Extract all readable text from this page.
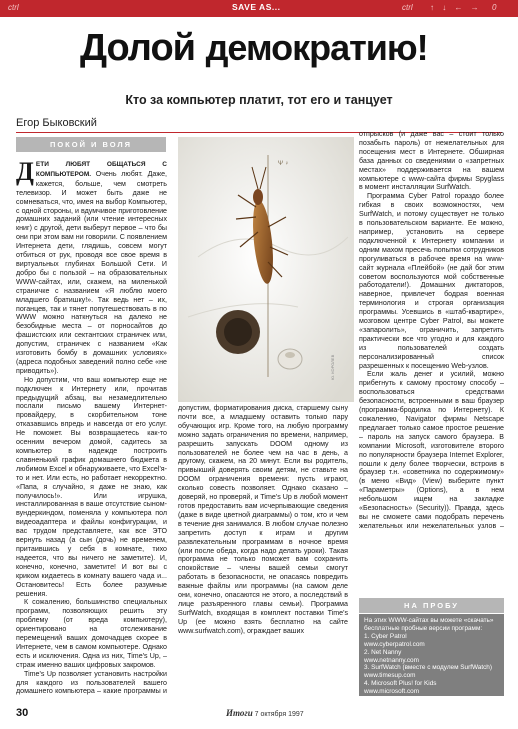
ctrl	SAVE AS...	ctrl ↑ ↓ ← → 0
Долой демократию!
Кто за компьютер платит, тот его и танцует
Егор Быковский
ПОКОЙ И ВОЛЯ

ДЕТИ ЛЮБЯТ ОБЩАТЬСЯ С КОМПЬЮТЕРОМ. Очень любят. Даже, кажется, больше, чем смотреть телевизор. И может быть даже не сомневаться, что, имея на выбор Компьютер, с одной стороны, и вдумчивое приготовление домашних заданий (или чтение интересных книг) с другой, дети выберут первое – что бы они при этом вам ни говорили. С появлением Интернета дети, глядишь, совсем могут отбиться от рук, проводя все свое время в виртуальных глубинах Большой Сети. И добро бы с пользой – на образовательных WWW-сайтах, или, скажем, на миленькой страничке с названием «Я люблю моего младшего братишку!». Так ведь нет – их, поганцев, так и тянет попутешествовать в по WWW можно наткнуться на далеко не безобидные места – от порносайтов до фашистских или сектантских страничек или, допустим, страничек с названием «Как изготовить бомбу в домашних условиях» (адреса подобных заведений полно себе «не приводить»).

Но допустим, что ваш компьютер еще не подключен к Интернету или, прочитав предыдущий абзац, вы незамедлительно послали письмо вашему Интернет-провайдеру, в скорбительном тоне отказавшись впредь и навсегда от его услуг. Не поможет. Вы возвращаетесь как-то осенним вечером домой, садитесь за компьютер в надежде построить славненький график домашнего бюджета в любимом Excel и обнаруживаете, что Excel'я-то и нет. Или есть, но работает некорректно. «Папа, я случайно, я даже не знаю, как получилось!». Или игрушка, инсталлированная в ваше отсутствие сыном-вундеркиндом, поменяла у компьютера пол видеоадаптера и файлы конфигурации, и вас трудом представляете, как все ЭТО вернуть назад (а сын (дочь) не временем, притаившись у себя в комнате, тихо надеется, что вы ничего не заметите). И, конечно, конечно, заметите! И вот вы с криком кидаетесь в комнату вашего чада и... Остановитесь! Есть более разумные решения.

К сожалению, большинство специальных программ, позволяющих решить эту проблему (от вреда компьютеру), ориентировано на отслеживание перемещений ваших домочадцев скорее в Интернете, чем в самом компьютере. Однако есть и исключения. Одна из них, Time's Up, – страж именно ваших цифровых закромов.

Time's Up позволяет установить настройки для каждого из пользователей вашего домашнего компьютера – какие программы и

Ψ ♀
Ю. КОРОЛЕВ

допустим, форматирования диска, старшему сыну почти все, а младшему оставить только пару обучающих игр. Кроме того, на любую программу можно задать ограничения по времени, например, разрешить запускать DOOM одному из пользователей не более чем на час в день, а другому, скажем, на 20 минут. Если вы родитель, привыкший доверять своим детям, не ставьте на DOOM ограничения времени: пусть играют, сколько совесть позволяет. Однако сказано – доверяй, но проверяй, и Time's Up в любой момент готов предоставить вам исчерпывающие сведения (даже в виде цветной диаграммы) о том, кто и чем в течение дня занимался. В любом случае полезно запретить доступ к играм и другим развлекательным программам в ночное время (или после обеда, когда надо делать уроки). Такая программа не только поможет вам сохранить спокойствие – члены вашей семьи смогут работать в безопасности, не опасаясь повредить важные файлы или программы (на самом деле они, конечно, опасаются не этого, а последствий в лице разъяренного главы семьи). Программа SurfWatch, входящая в комплект поставки Time's Up (ее можно взять бесплатно на сайте www.surfwatch.com), ограждает ваших

отпрысков (и даже вас – стоит только позабыть пароль) от нежелательных для посещения мест в Интернете. Обширная база данных со сведениями о «запретных местах» поддерживается на вашем компьютере с www-сайта фирмы Spyglass в момент инсталляции SurfWatch.

Программа Cyber Patrol гораздо более гибкая в своих возможностях, чем SurfWatch, и потому существует не только в пользовательском варианте. Ее можно, например, установить на сервере подключенной к Интернету компании и одним махом пресечь попытки сотрудников прогуливаться в рабочее время на www-сайт журнала «Плейбой» (не дай бог этим советом воспользуются мой собственные работодатели!). Домашних диктаторов, наверное, привлечет бодрая военная терминология и строгая организация программы. Усевшись в «штаб-квартире», мозговом центре Cyber Patrol, вы можете «запаролить», ограничить, запретить практически все что угодно и для каждого из пользователей создать персонализированный список разрешенных к посещению Web-узлов.

Если жаль денег и усилий, можно прибегнуть к самому простому способу – воспользоваться средствами безопасности, встроенными в ваш браузер (программа-бродилка по Интернету). К сожалению, Navigator фирмы Netscape предлагает только самое простое решение – пароль на запуск самого браузера. В компании Microsoft, изготовителе второго по популярности браузера Internet Explorer, пошли к делу более творчески, встроив в браузер т.н. «советника по содержимому» (в меню «Вид» (View) выберите пункт «Параметры» (Options), а в нем небольшом ищем на закладке «Безопасность» (Security)). Правда, здесь вы не сможете сами подобрать перечень желательных или нежелательных узлов –

НА ПРОБУ
На этих WWW-сайтах вы можете «скачать» бесплатные пробные версии программ:
1. Cyber Patrol
www.cyberpatrol.com
2. Net Nanny
www.netnanny.com
3. SurfWatch (вместе с модулем SurfWatch)
www.timesup.com
4. Microsoft Plus! for Kids
www.microsoft.com
30	Итоги 7 октября 1997
